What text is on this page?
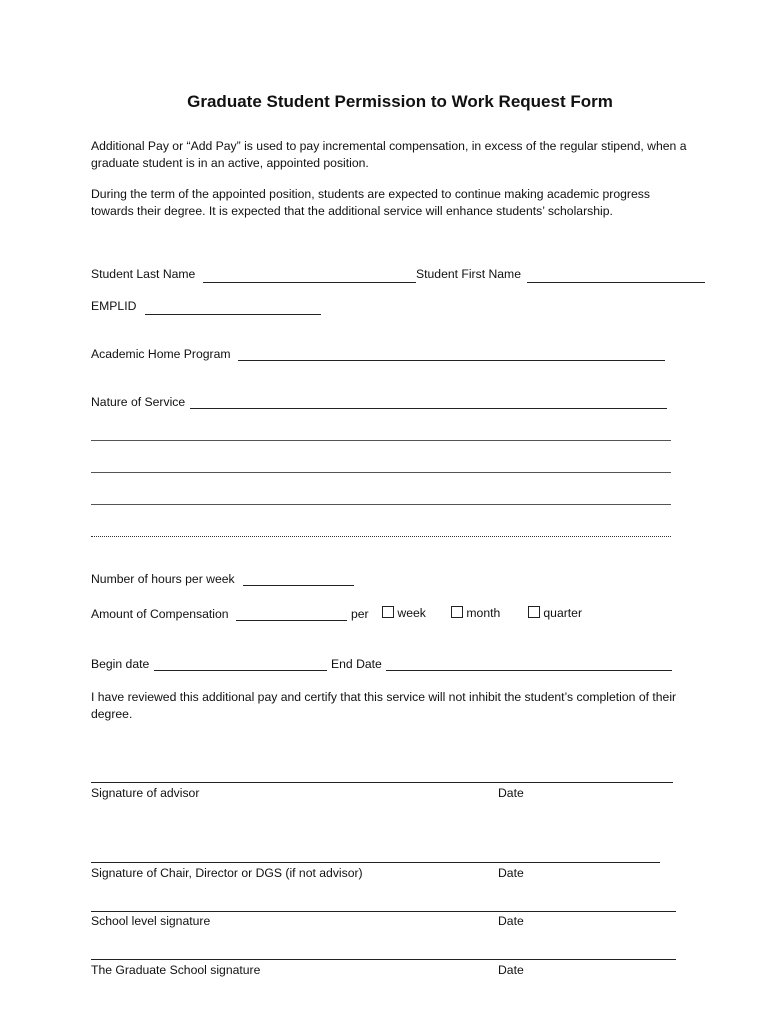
Graduate Student Permission to Work Request Form
Additional Pay or “Add Pay” is used to pay incremental compensation, in excess of the regular stipend, when a graduate student is in an active, appointed position.
During the term of the appointed position, students are expected to continue making academic progress towards their degree. It is expected that the additional service will enhance students’ scholarship.
Student Last Name	Student First Name
EMPLID
Academic Home Program
Nature of Service
Number of hours per week
Amount of Compensation	per	week	month	quarter
Begin date	End Date
I have reviewed this additional pay and certify that this service will not inhibit the student’s completion of their degree.
Signature of advisor	Date
Signature of Chair, Director or DGS (if not advisor)	Date
School level signature	Date
The Graduate School signature	Date
